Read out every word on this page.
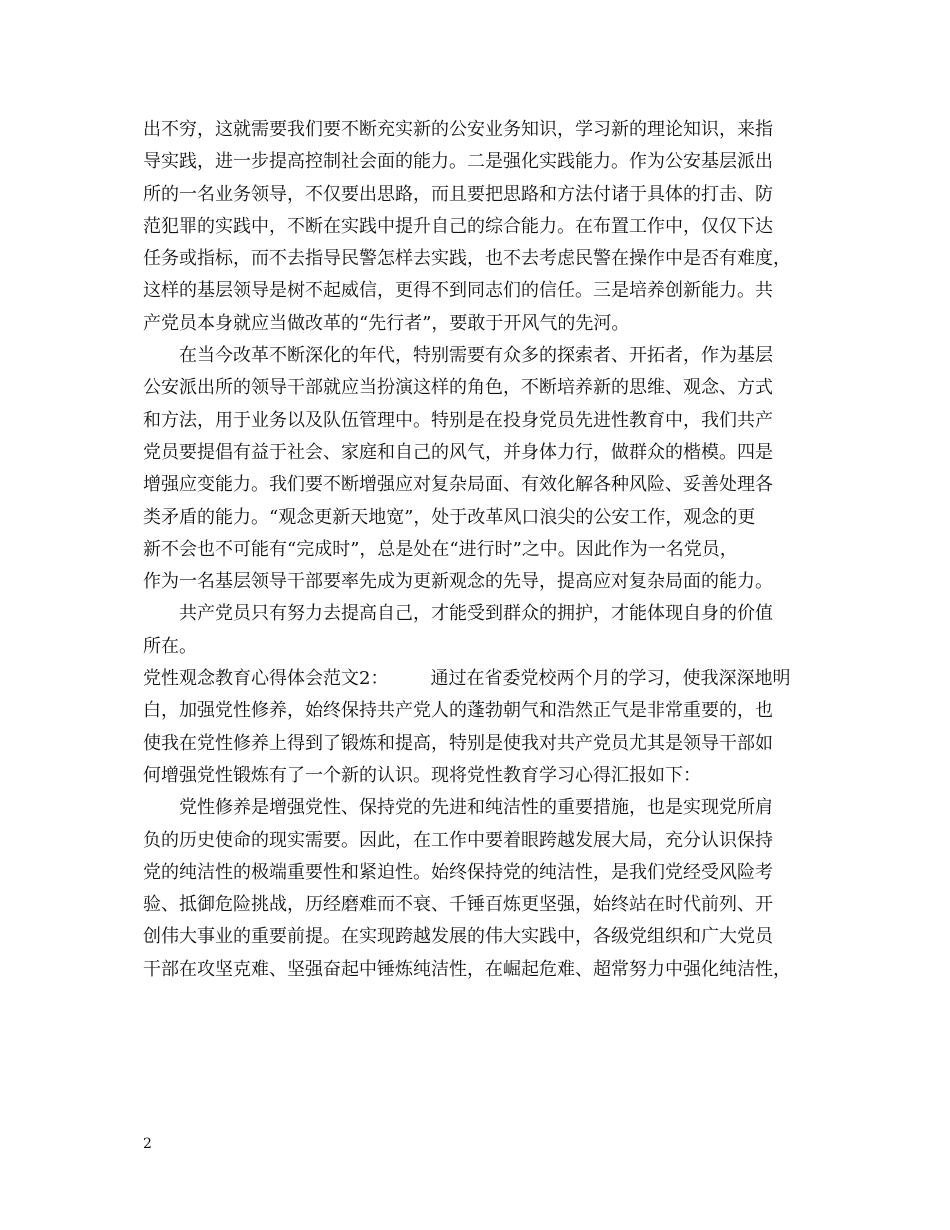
出不穷，这就需要我们要不断充实新的公安业务知识，学习新的理论知识，来指
导实践，进一步提高控制社会面的能力。二是强化实践能力。作为公安基层派出
所的一名业务领导，不仅要出思路，而且要把思路和方法付诸于具体的打击、防
范犯罪的实践中，不断在实践中提升自己的综合能力。在布置工作中，仅仅下达
任务或指标，而不去指导民警怎样去实践，也不去考虑民警在操作中是否有难度，
这样的基层领导是树不起威信，更得不到同志们的信任。三是培养创新能力。共
产党员本身就应当做改革的“先行者”，要敢于开风气的先河。
在当今改革不断深化的年代，特别需要有众多的探索者、开拓者，作为基层
公安派出所的领导干部就应当扮演这样的角色，不断培养新的思维、观念、方式
和方法，用于业务以及队伍管理中。特别是在投身党员先进性教育中，我们共产
党员要提倡有益于社会、家庭和自己的风气，并身体力行，做群众的楷模。四是
增强应变能力。我们要不断增强应对复杂局面、有效化解各种风险、妥善处理各
类矛盾的能力。“观念更新天地宽”，处于改革风口浪尖的公安工作，观念的更
新不会也不可能有“完成时”，总是处在“进行时”之中。因此作为一名党员，
作为一名基层领导干部要率先成为更新观念的先导，提高应对复杂局面的能力。
共产党员只有努力去提高自己，才能受到群众的拥护，才能体现自身的价值
所在。
党性观念教育心得体会范文2： 通过在省委党校两个月的学习，使我深深地明
白，加强党性修养，始终保持共产党人的蓬勃朝气和浩然正气是非常重要的，也
使我在党性修养上得到了锻炼和提高，特别是使我对共产党员尤其是领导干部如
何增强党性锻炼有了一个新的认识。现将党性教育学习心得汇报如下：
党性修养是增强党性、保持党的先进和纯洁性的重要措施，也是实现党所肩
负的历史使命的现实需要。因此，在工作中要着眼跨越发展大局，充分认识保持
党的纯洁性的极端重要性和紧迫性。始终保持党的纯洁性，是我们党经受风险考
验、抵御危险挑战，历经磨难而不衰、千锤百炼更坚强，始终站在时代前列、开
创伟大事业的重要前提。在实现跨越发展的伟大实践中，各级党组织和广大党员
干部在攻坚克难、坚强奋起中锤炼纯洁性，在崛起危难、超常努力中强化纯洁性，
2
